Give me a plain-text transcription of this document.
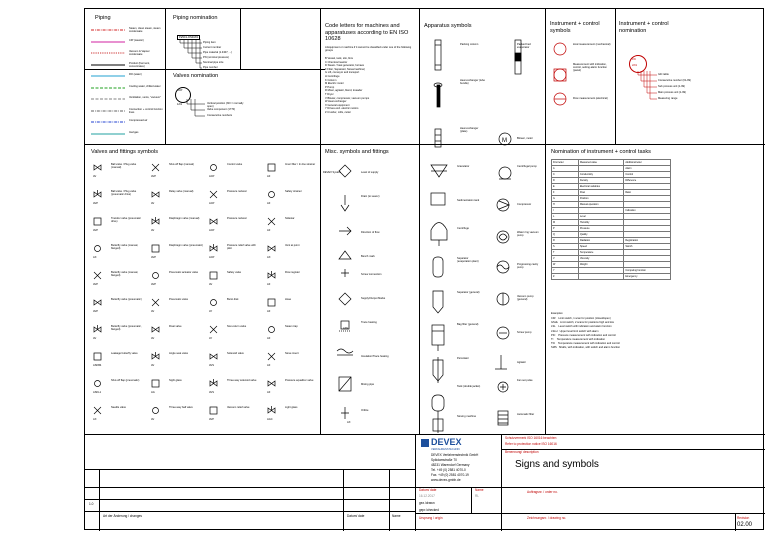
Piping
Steam, clean steam, steam condensate
CIP (caustic)
Vacuum & Vapour condensate
Product (Ferment, concentrates)
RO (water)
Cooling water, chilled water
Ventilation, vents, "vacuum"
Connection + control function lines
Compressed air
Inertgas
Piping nomination
Pa50/1-DN40/01
Piping item
Current number
Pipe material (1.4307, ...)
PN (nominal pressure)
Nominal pipe size
Pipe number
Valves nomination
ACP
1/01	Vertical position (NO = normally open)
Valve component (1770)
Consecutive numbers
Code letters for machines and apparatuses according to EN ISO 10628
A Equipment or machine if it cannot be classified under one of the following groups
B Vessel, tank, silo, bins
C Chemical reactor
D Steam / heat generator, furnace
F Filter, Separator, Sieve/machine)
G Lift, conveyor and transport
H Centrifuge
K Column
M Electric motor
P Pump
R Mixer, agitator, blend, kneader
T Dryer
V Blower, compressor, vacuum pumps
W Heat exchanger
X General equipment
Y Drives excl. electric motors
Z Crusher, mills, cutter
Apparatus symbols
M
Packing column	Packed bed evaporator
Heat exchanger (tube bundle)
Heat exchanger (plate)
Blower, motor
Granulator	Centrifugal pump
Sedimentation tank
Compressor
Centrifuge
Water ring vacuum pump
Separator (evaporation plant)
Progressing cavity pump
Separator (general)
Vacuum pump (general)
Bag filter (general)
Screw pump
Percolator
Agitator
Tank (double jacket)
Fan set pulse
Sieving machine
Automatic filter
Instrument + control symbols
Instrument + control nomination
local measurement (mechanical)
Measurement with indication, control, setting alarm function (panel)
Flow measurement (electrical)
FIC
2/01
IHC table
Consecutive number (01-99)
Sub process unit (1-99)
Main process unit (1-99)
Measuring range
Valves and fittings symbols
Ball valve / Plug valve (manual)
AV
Shut-off flap (manual)
AVP
Control valve
ACP
Inner filter / In-line strainer
AF
Ball valve / Plug valve (pneumatic drive)
AVP
Relay valve (manual)
AV
Pressure reducer
ACP
Safety strainer
AF
Transfer valve (pneumatic drive)
AVP
Diaphragm valve (manual)
AV
Pressure reducer
ACP
Sidestar
AF
Butterfly valve (manual, flanged)
AX
Diaphragm valve (pneumatic)
AVP
Pressure relief valve with pilot
ACP
Vent at point
AX
Butterfly valve (manual, flanged)
AVP
Pneumatic actuator valve
AVP
Safety valve
AV
Flow register
AF
Butterfly valve (pneumatic)
AVP
Pneumatic valve
AV
Burst disk
AY
Hose
AF
Butterfly valve (pneumatic, flanged)
AV
Float valve
AV
Non-return valve
AY
Steam trap
AF
Leakage butterfly valve
ASKB4
Angle seat valve
AV
Solenoid valve
AVS
Sieve insert
AF
Shut-off flap (pneumatic)
ASKL1
Sight glass
AG
Three-way solenoid valve
AVS
Pressure equalizer valve
AF
Needle valve
AX
Three-way ball valve
AV
Vacuum relief valve
AVP
Light glass
AGC
Misc. symbols and fittings
DEVEX System
AXE
AX
Level of supply
Drain (to sewer)
Direction of flow
Bench mark
Screw connection
Supply/Output Marks
Trace heating
Insulation/Trace heating
Mixing pipe
Orifice
Nomination of instrument + control tasks
First letter	Measured value	Additional letter
A		Alarm
C	Conductivity	Control
D	Density	Difference
E	Electrical variables	
F	Flow	Ratio
G	Position	
H	Manual operation	
I		Indication
L	Level	
M	Humidity	
P	Pressure	
Q	Quality	
R	Radiation	Registration
S	Speed	Switch
T	Temperature	
V	Viscosity	
W	Weight	
Y		Computing function
Z		Emergency
Examples:
CIR    Limit switch, 1 scan for position (closed/open)
GSHL   Limit switch, 2 scans for positions high and low
LSL    Level switch with indication and alarm function
LSLH   Upper level limit switch with alarm
PIC    Pressure measurement with indication and control
TI     Temperature measurement with indication
TIC    Temperature measurement with indication and control
SIZS   Shafts, with indication, with switch and alarm function
1.0
Art der Änderung / changes	Datum/ date	Name
DEVEX
VERFAHRENSTECHNIK
DEVEX Verfahrenstechnik GmbH
Spikdamstraße 70
48231 Warendorf Germany
Tel. +49 (0) 2581 4070-0
Fax. +49 (0) 2581 4070-19
www.devex-gmbh.de
Schutzvermerk ISO 16016 beachten
Refer to protection notice ISO 16016
Benennung/ description
Signs and symbols
Datum/ date	Name
16.12.2017	RL
gez./drawn
gepr./checked
Ursprung / origin
Auftragsnr. / order no.
Zeichnungsnr. / drawing no.	Revision
02.00
